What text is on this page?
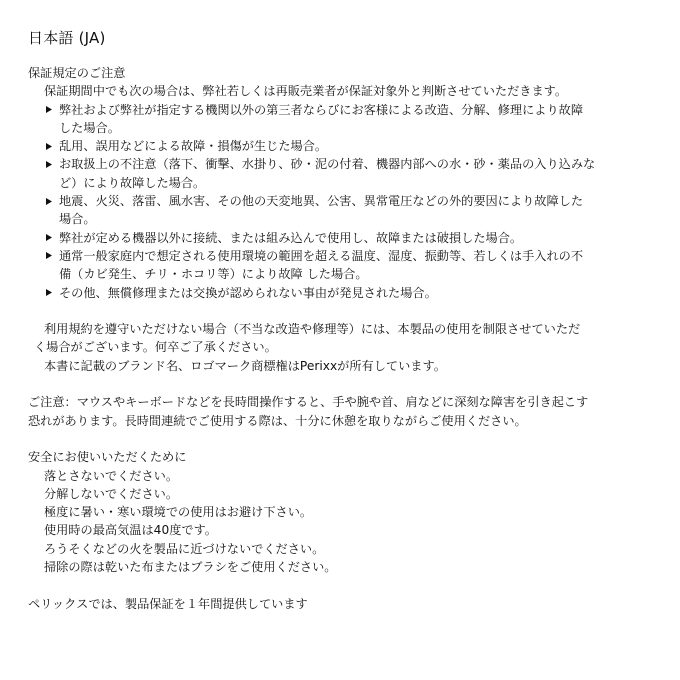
日本語 (JA)
保証規定のご注意
保証期間中でも次の場合は、弊社若しくは再販売業者が保証対象外と判断させていただきます。
弊社および弊社が指定する機関以外の第三者ならびにお客様による改造、分解、修理により故障
した場合。
乱用、誤用などによる故障・損傷が生じた場合。
お取扱上の不注意（落下、衝撃、水掛り、砂・泥の付着、機器内部への水・砂・薬品の入り込みな
ど）により故障した場合。
地震、火災、落雷、風水害、その他の天変地異、公害、異常電圧などの外的要因により故障した
場合。
弊社が定める機器以外に接続、または組み込んで使用し、故障または破損した場合。
通常一般家庭内で想定される使用環境の範囲を超える温度、湿度、振動等、若しくは手入れの不
備（カビ発生、チリ・ホコリ等）により故障 した場合。
その他、無償修理または交換が認められない事由が発見された場合。
利用規約を遵守いただけない場合（不当な改造や修理等）には、本製品の使用を制限させていただ
く場合がございます。何卒ご了承ください。
本書に記載のブランド名、ロゴマーク商標権はPerixxが所有しています。
ご注意：マウスやキーボードなどを長時間操作すると、手や腕や首、肩などに深刻な障害を引き起こす
恐れがあります。長時間連続でご使用する際は、十分に休憩を取りながらご使用ください。
安全にお使いいただくために
落とさないでください。
分解しないでください。
極度に暑い・寒い環境での使用はお避け下さい。
使用時の最高気温は40度です。
ろうそくなどの火を製品に近づけないでください。
掃除の際は乾いた布またはブラシをご使用ください。
ペリックスでは、製品保証を１年間提供しています
